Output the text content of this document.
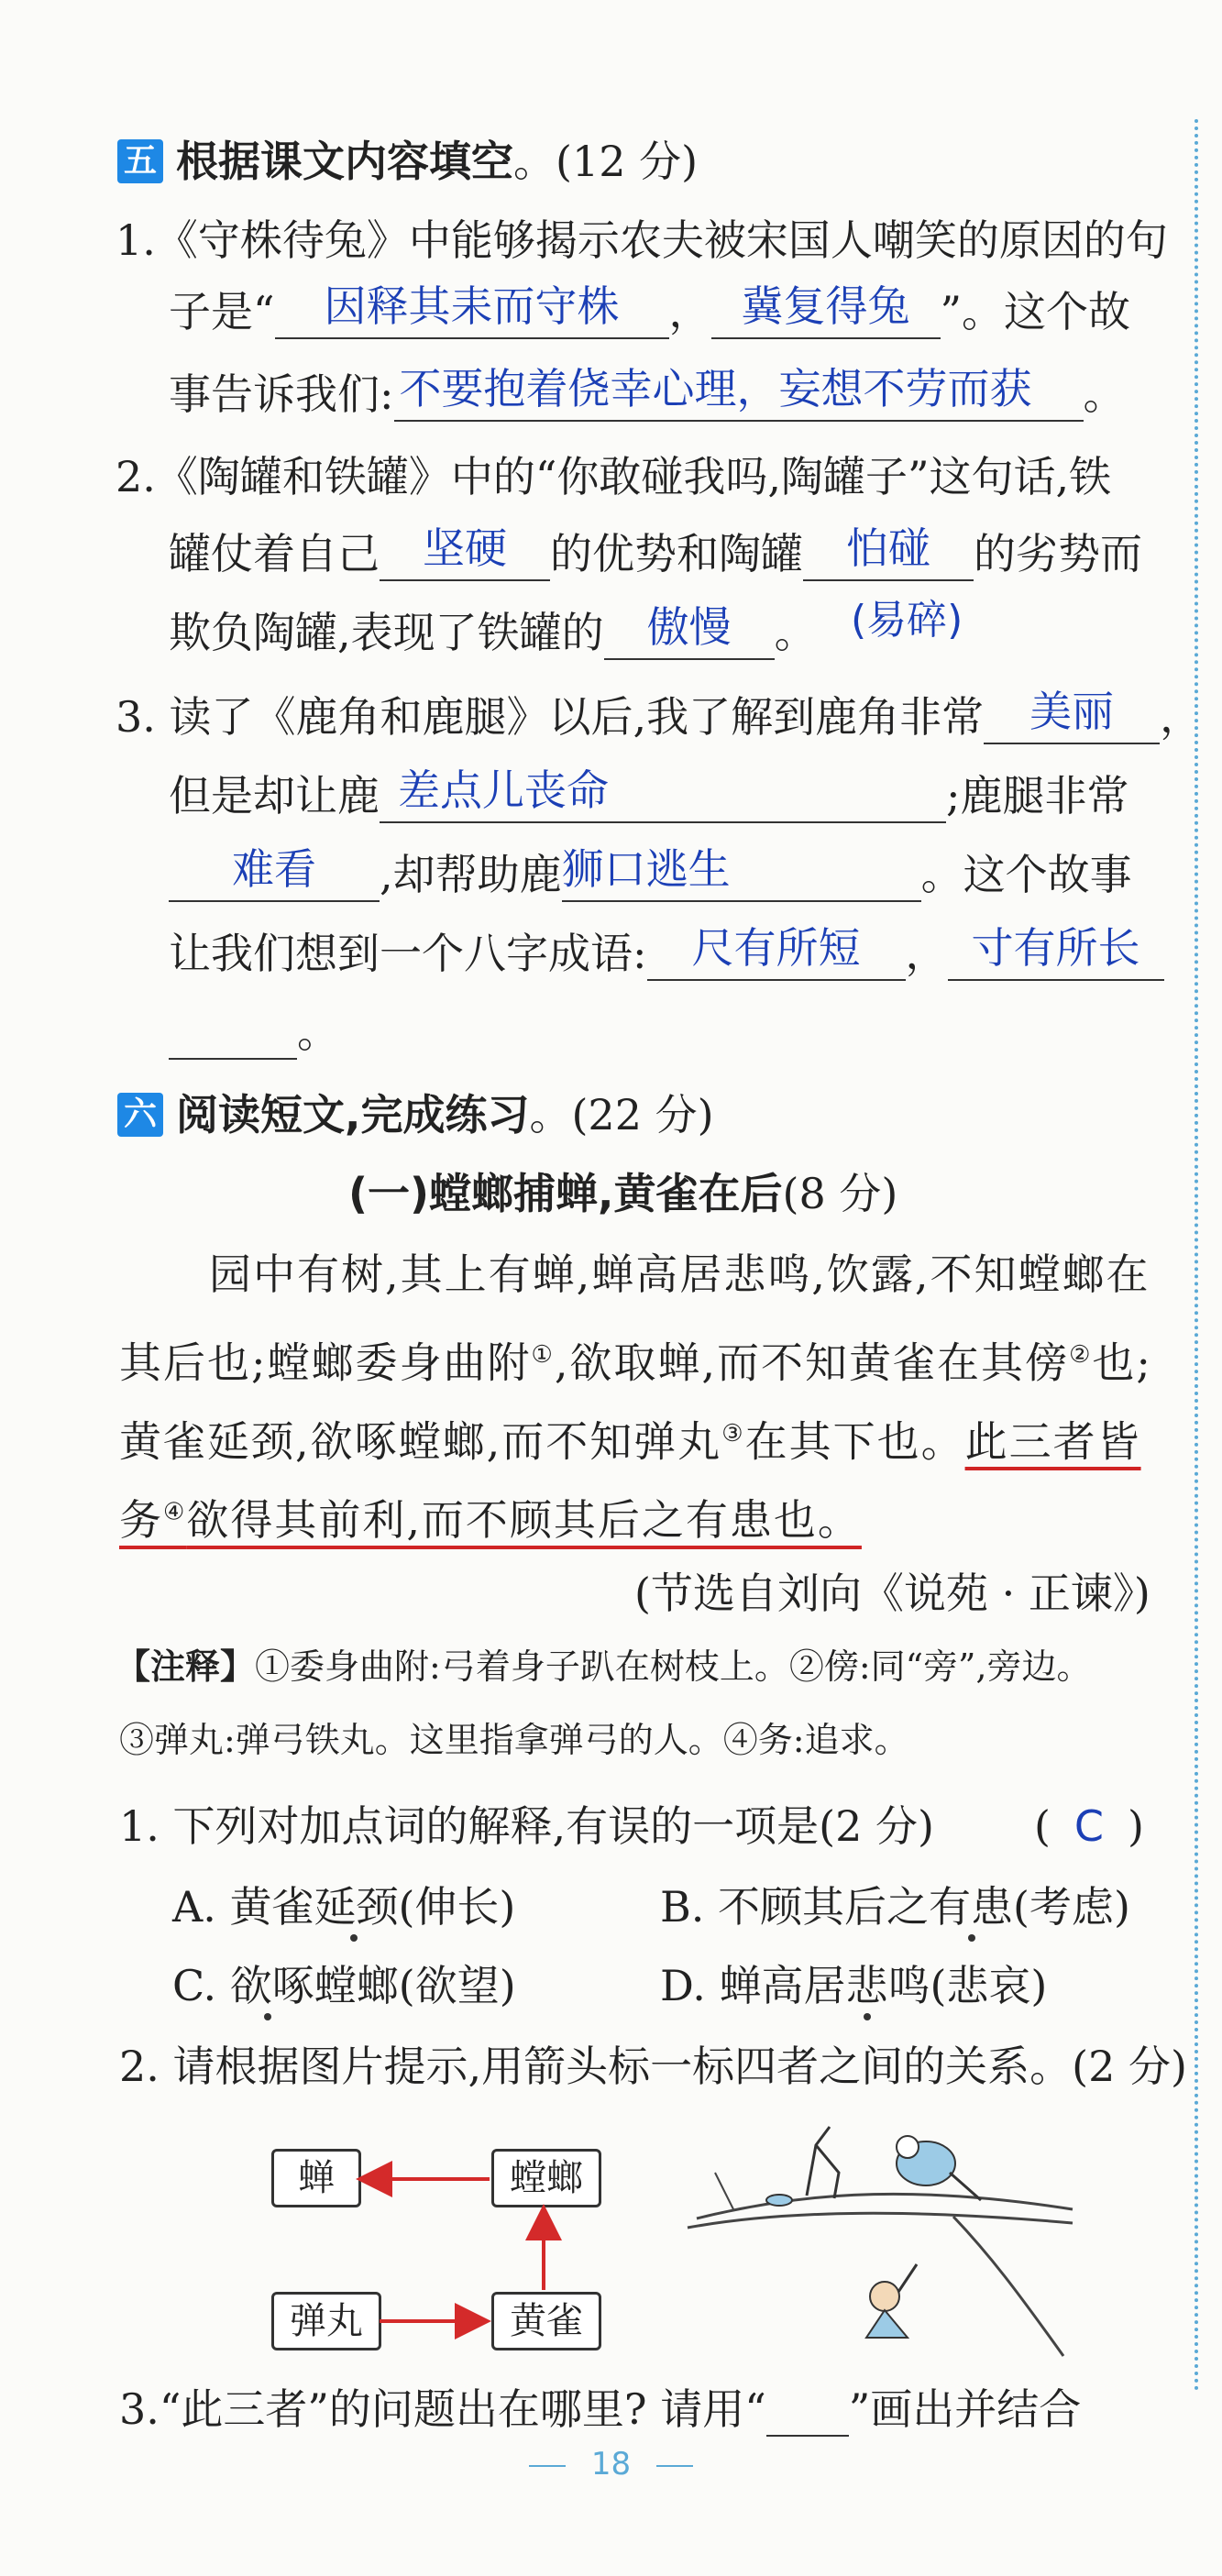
五 根据课文内容填空 。(12 分)
1.《守株待兔》中能够揭示农夫被宋国人嘲笑的原因的句
子是“	因释其耒而守株	， 冀复得兔 ”。这个故
事告诉我们: 不要抱着侥幸心理，妄想不劳而获	。
2.《陶罐和铁罐》中的“你敢碰我吗,陶罐子”这句话,铁
罐仗着自己	坚硬	的优势和陶罐	怕碰	的劣势而
(易碎)
欺负陶罐,表现了铁罐的	傲慢	。
3. 读了《鹿角和鹿腿》以后,我了解到鹿角非常	美丽	，
但是却让鹿 差点儿丧命	;鹿腿非常
难看	,却帮助鹿 狮口逃生	。这个故事
让我们想到一个八字成语:	尺有所短	， 寸有所长
。
六 阅读短文,完成练习 。(22 分)
(一)螳螂捕蝉,黄雀在后(8 分)
园中有树,其上有蝉,蝉高居悲鸣,饮露,不知螳螂在
其后也;螳螂委身曲附①,欲取蝉,而不知黄雀在其傍②也;
黄雀延颈,欲啄螳螂,而不知弹丸③在其下也。此三者皆
务④欲得其前利,而不顾其后之有患也。
(节选自刘向《说苑 · 正谏》)
【注释】①委身曲附:弓着身子趴在树枝上。②傍:同“旁”,旁边。
③弹丸:弹弓铁丸。这里指拿弹弓的人。④务:追求。
1. 下列对加点词的解释,有误的一项是(2 分) ( C )
A. 黄雀延颈(伸长)	B. 不顾其后之有患(考虑)
C. 欲啄螳螂(欲望)	D. 蝉高居悲鸣(悲哀)
2. 请根据图片提示,用箭头标一标四者之间的关系。(2 分)
蝉	螳螂
弹丸	黄雀
3.“此三者”的问题出在哪里? 请用“ ”画出并结合
18
